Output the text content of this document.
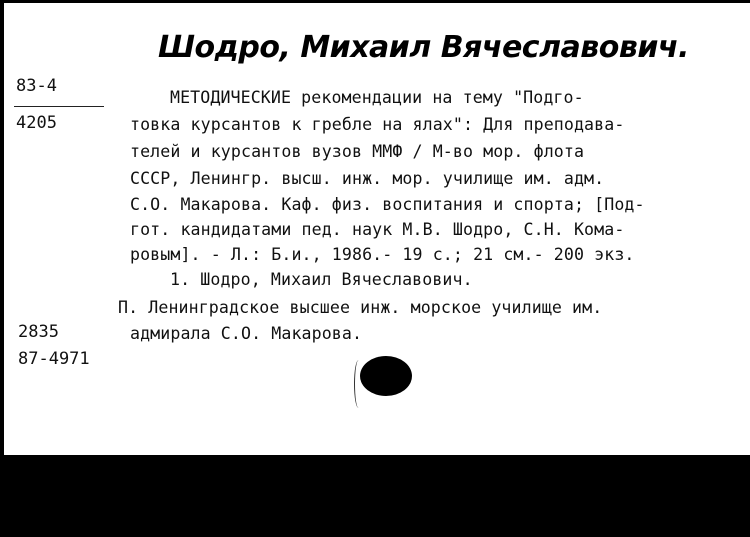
Шодро, Михаил Вячеславович.
83-4
4205
МЕТОДИЧЕСКИЕ рекомендации на тему "Подго-
товка курсантов к гребле на ялах": Для преподава-
телей и курсантов вузов ММФ / М-во мор. флота
СССР, Ленингр. высш. инж. мор. училище им. адм.
С.О. Макарова. Каф. физ. воспитания и спорта; [Под-
гот. кандидатами пед. наук М.В. Шодро, С.Н. Кома-
ровым]. - Л.: Б.и., 1986.- 19 с.; 21 см.- 200 экз.
1. Шодро, Михаил Вячеславович.
П. Ленинградское высшее инж. морское училище им.
адмирала С.О. Макарова.
2835
87-4971
